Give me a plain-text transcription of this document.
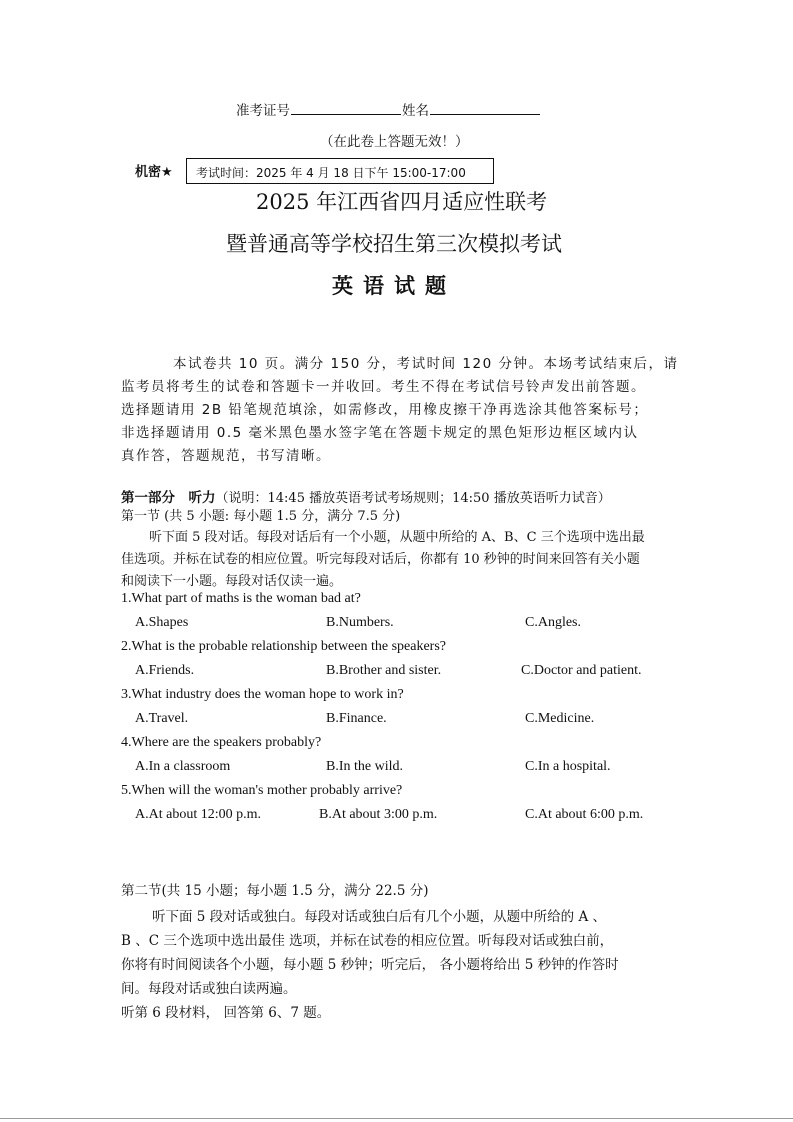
准考证号	姓名
（在此卷上答题无效！）
机密★ 考试时间：2025 年 4 月 18 日下午 15:00-17:00
2025 年江西省四月适应性联考
暨普通高等学校招生第三次模拟考试
英语试题
本试卷共 10 页。满分 150 分，考试时间 120 分钟。本场考试结束后，请
监考员将考生的试卷和答题卡一并收回。考生不得在考试信号铃声发出前答题。
选择题请用 2B 铅笔规范填涂，如需修改，用橡皮擦干净再选涂其他答案标号；
非选择题请用 0.5 毫米黑色墨水签字笔在答题卡规定的黑色矩形边框区域内认
真作答，答题规范，书写清晰。
第一部分　听力（说明：14:45 播放英语考试考场规则；14:50 播放英语听力试音）
第一节 (共 5 小题: 每小题 1.5 分，满分 7.5 分)
听下面 5 段对话。每段对话后有一个小题，从题中所给的 A、B、C 三个选项中选出最
佳选项。并标在试卷的相应位置。听完每段对话后，你都有 10 秒钟的时间来回答有关小题
和阅读下一小题。每段对话仅读一遍。
1.What part of maths is the woman bad at?
A.Shapes	B.Numbers.	C.Angles.
2.What is the probable relationship between the speakers?
A.Friends.	B.Brother and sister.	C.Doctor and patient.
3.What industry does the woman hope to work in?
A.Travel.	B.Finance.	C.Medicine.
4.Where are the speakers probably?
A.In a classroom	B.In the wild.	C.In a hospital.
5.When will the woman's mother probably arrive?
A.At about 12:00 p.m.	B.At about 3:00 p.m.	C.At about 6:00 p.m.
第二节(共 15 小题；每小题 1.5 分，满分 22.5 分)
听下面 5 段对话或独白。每段对话或独白后有几个小题，从题中所给的 A 、
B 、C 三个选项中选出最佳 选项，并标在试卷的相应位置。听每段对话或独白前，
你将有时间阅读各个小题，每小题 5 秒钟；听完后， 各小题将给出 5 秒钟的作答时
间。每段对话或独白读两遍。
听第 6 段材料， 回答第 6、7 题。
